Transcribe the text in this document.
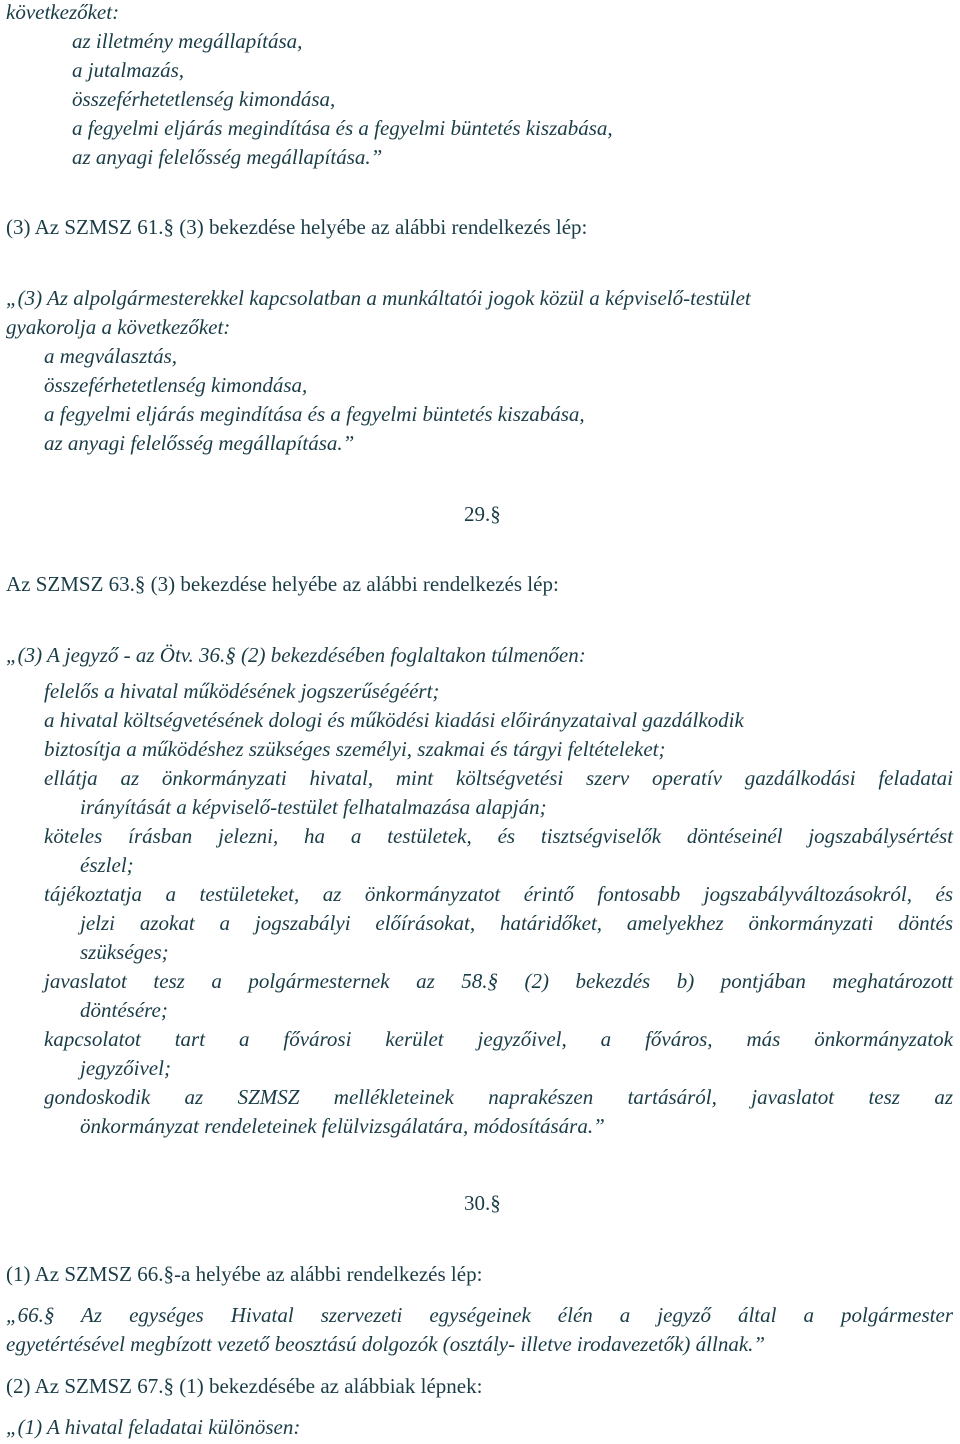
következőket:
az illetmény megállapítása,
a jutalmazás,
összeférhetetlenség kimondása,
a fegyelmi eljárás megindítása és a fegyelmi büntetés kiszabása,
az anyagi felelősség megállapítása.”
(3) Az SZMSZ 61.§ (3) bekezdése helyébe az alábbi rendelkezés lép:
„(3) Az alpolgármesterekkel kapcsolatban a munkáltatói jogok közül a képviselő-testület
gyakorolja a következőket:
a megválasztás,
összeférhetetlenség kimondása,
a fegyelmi eljárás megindítása és a fegyelmi büntetés kiszabása,
az anyagi felelősség megállapítása.”
29.§
Az SZMSZ 63.§ (3) bekezdése helyébe az alábbi rendelkezés lép:
„(3) A jegyző - az Ötv. 36.§ (2) bekezdésében foglaltakon túlmenően:
felelős a hivatal működésének jogszerűségéért;
a hivatal költségvetésének dologi és működési kiadási előirányzataival gazdálkodik
biztosítja a működéshez szükséges személyi, szakmai és tárgyi feltételeket;
ellátja az önkormányzati hivatal, mint költségvetési szerv operatív gazdálkodási feladatai
irányítását a képviselő-testület felhatalmazása alapján;
köteles írásban jelezni, ha a testületek, és tisztségviselők döntéseinél jogszabálysértést
észlel;
tájékoztatja a testületeket, az önkormányzatot érintő fontosabb jogszabályváltozásokról, és
jelzi azokat a jogszabályi előírásokat, határidőket, amelyekhez önkormányzati döntés
szükséges;
javaslatot tesz a polgármesternek az 58.§ (2) bekezdés b) pontjában meghatározott
döntésére;
kapcsolatot tart a fővárosi kerület jegyzőivel, a főváros, más önkormányzatok
jegyzőivel;
gondoskodik az SZMSZ mellékleteinek naprakészen tartásáról, javaslatot tesz az
önkormányzat rendeleteinek felülvizsgálatára, módosítására.”
30.§
(1) Az SZMSZ 66.§-a helyébe az alábbi rendelkezés lép:
„66.§ Az egységes Hivatal szervezeti egységeinek élén a jegyző által a polgármester
egyetértésével megbízott vezető beosztású dolgozók (osztály- illetve irodavezetők) állnak.”
(2) Az SZMSZ 67.§ (1) bekezdésébe az alábbiak lépnek:
„(1) A hivatal feladatai különösen:
